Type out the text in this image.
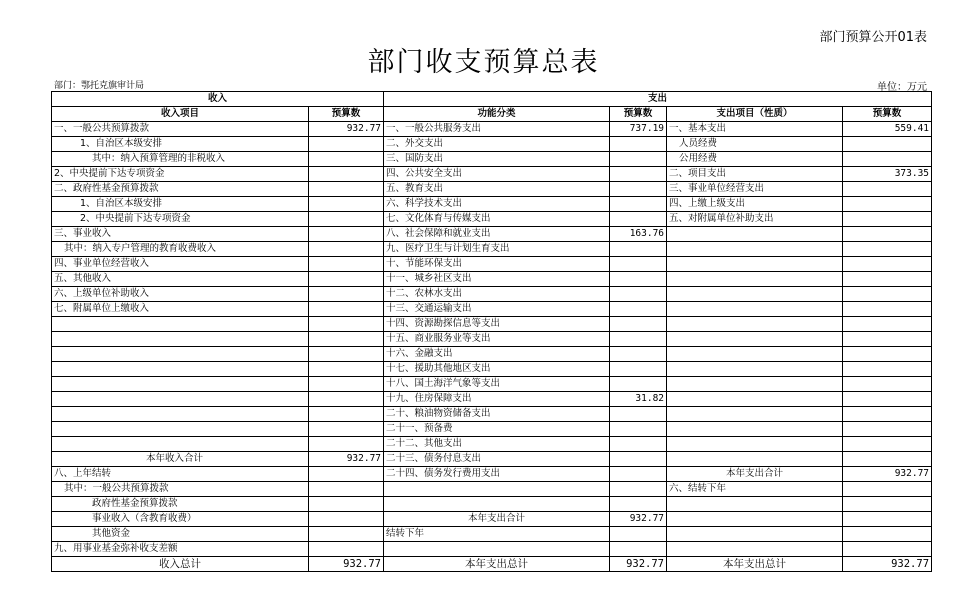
部门预算公开01表
部门收支预算总表
部门：鄂托克旗审计局	单位：万元
收入		支出			
收入项目	预算数	功能分类	预算数	支出项目（性质）	预算数
一、一般公共预算拨款	932.77	一、一般公共服务支出	737.19	一、基本支出	559.41
1、自治区本级安排		二、外交支出		人员经费	
其中：纳入预算管理的非税收入		三、国防支出		公用经费	
2、中央提前下达专项资金		四、公共安全支出		二、项目支出	373.35
二、政府性基金预算拨款		五、教育支出		三、事业单位经营支出	
1、自治区本级安排		六、科学技术支出		四、上缴上级支出	
2、中央提前下达专项资金		七、文化体育与传媒支出		五、对附属单位补助支出	
三、事业收入		八、社会保障和就业支出	163.76		
其中：纳入专户管理的教育收费收入		九、医疗卫生与计划生育支出			
四、事业单位经营收入		十、节能环保支出			
五、其他收入		十一、城乡社区支出			
六、上级单位补助收入		十二、农林水支出			
七、附属单位上缴收入		十三、交通运输支出			
		十四、资源勘探信息等支出			
		十五、商业服务业等支出			
		十六、金融支出			
		十七、援助其他地区支出			
		十八、国土海洋气象等支出			
		十九、住房保障支出	31.82		
		二十、粮油物资储备支出			
		二十一、预备费			
		二十二、其他支出			
本年收入合计	932.77	二十三、债务付息支出			
八、上年结转		二十四、债务发行费用支出		本年支出合计	932.77
其中：一般公共预算拨款				六、结转下年	
政府性基金预算拨款					
事业收入（含教育收费）		本年支出合计	932.77		
其他资金		结转下年			
九、用事业基金弥补收支差额					
收入总计	932.77	本年支出总计	932.77	本年支出总计	932.77
